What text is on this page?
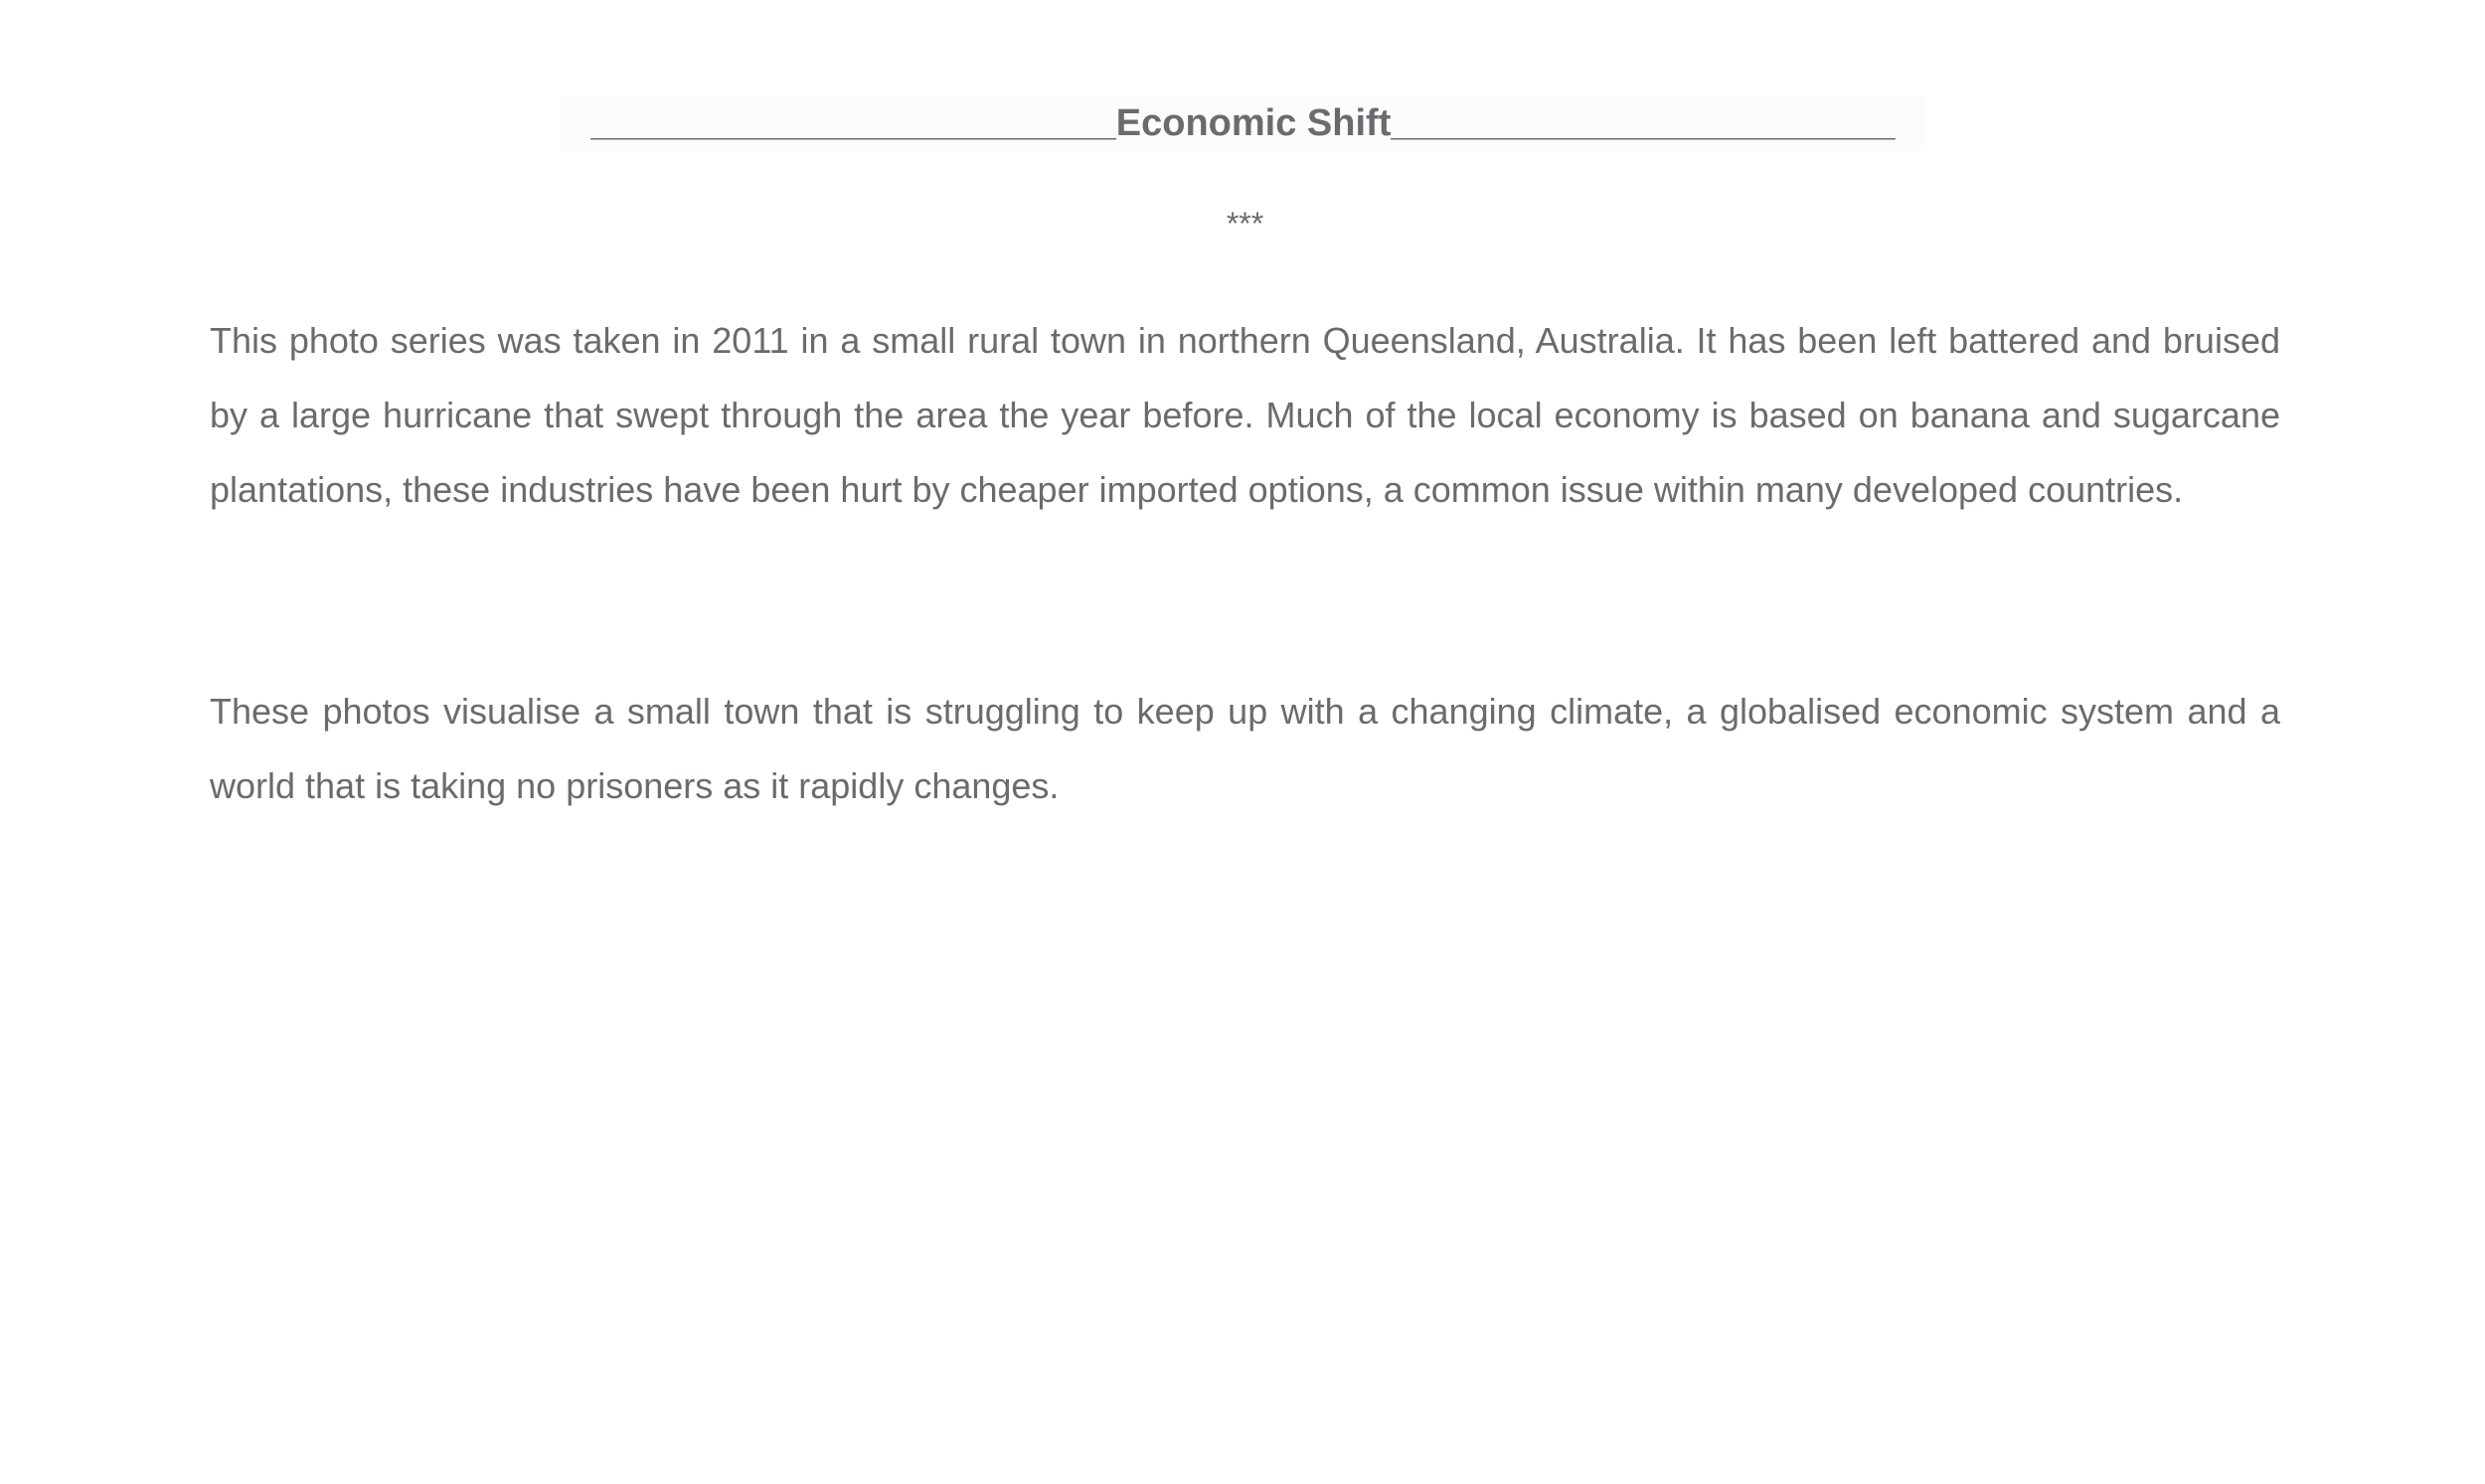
_________________________Economic Shift________________________
***

This photo series was taken in 2011 in a small rural town in northern Queensland, Australia. It has been left battered and bruised by a large hurricane that swept through the area the year before. Much of the local economy is based on banana and sugarcane plantations, these industries have been hurt by cheaper imported options, a common issue within many developed countries.

These photos visualise a small town that is struggling to keep up with a changing climate, a globalised economic system and a world that is taking no prisoners as it rapidly changes.
